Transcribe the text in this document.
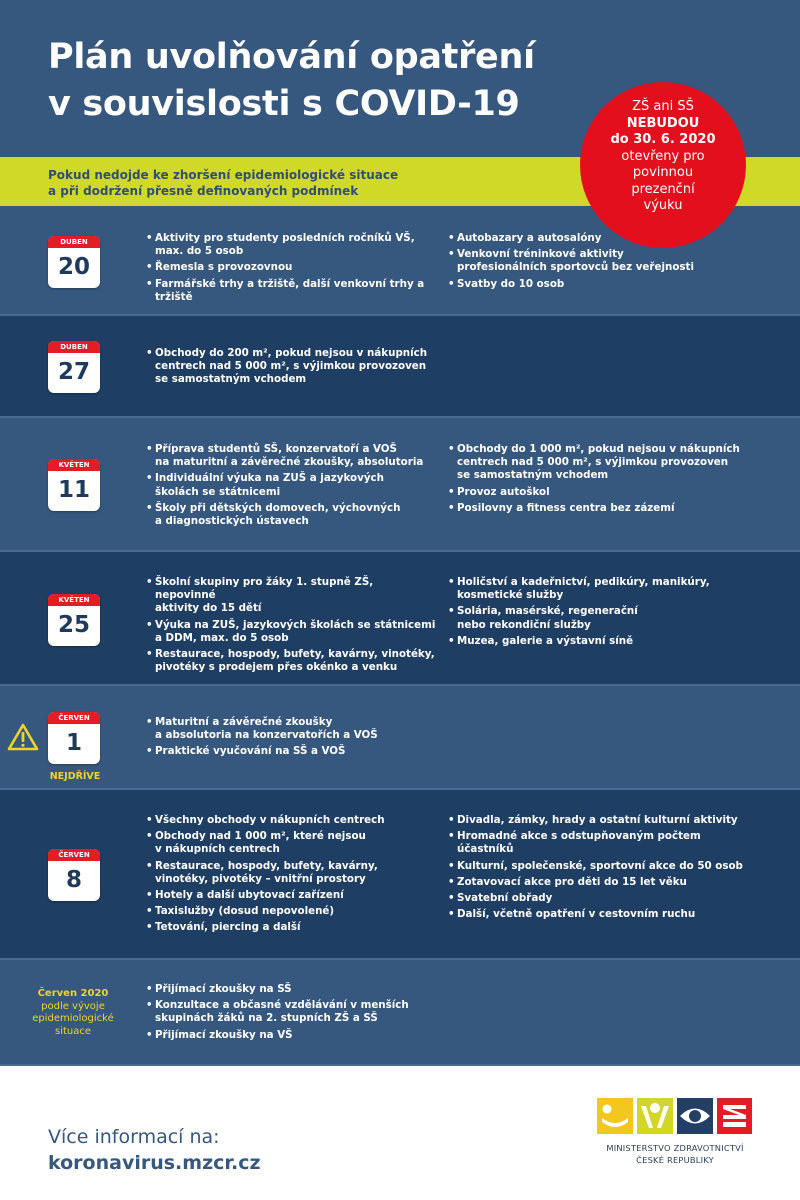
Plán uvolňování opatření
v souvislosti s COVID-19
Pokud nedojde ke zhoršení epidemiologické situace
a při dodržení přesně definovaných podmínek
ZŠ ani SŠ
NEBUDOU
do 30. 6. 2020
otevřeny pro
povinnou
prezenční
výuku
DUBEN
20
• Aktivity pro studenty posledních ročníků VŠ,
max. do 5 osob
• Řemesla s provozovnou
• Farmářské trhy a tržiště, další venkovní trhy a tržiště
• Autobazary a autosalóny
• Venkovní tréninkové aktivity
profesionálních sportovců bez veřejnosti
• Svatby do 10 osob
DUBEN
27
• Obchody do 200 m², pokud nejsou v nákupních
centrech nad 5 000 m², s výjimkou provozoven
se samostatným vchodem
KVĚTEN
11
• Příprava studentů SŠ, konzervatoří a VOŠ
na maturitní a závěrečné zkoušky, absolutoria
• Individuální výuka na ZUŠ a jazykových
školách se státnicemi
• Školy při dětských domovech, výchovných
a diagnostických ústavech
• Obchody do 1 000 m², pokud nejsou v nákupních
centrech nad 5 000 m², s výjimkou provozoven
se samostatným vchodem
• Provoz autoškol
• Posilovny a fitness centra bez zázemí
KVĚTEN
25
• Školní skupiny pro žáky 1. stupně ZŠ, nepovinné
aktivity do 15 dětí
• Výuka na ZUŠ, jazykových školách se státnicemi
a DDM, max. do 5 osob
• Restaurace, hospody, bufety, kavárny, vinotéky,
pivotéky s prodejem přes okénko a venku
• Holičství a kadeřnictví, pedikúry, manikúry,
kosmetické služby
• Solária, masérské, regenerační
nebo rekondiční služby
• Muzea, galerie a výstavní síně
ČERVEN
1
NEJDŘÍVE
• Maturitní a závěrečné zkoušky
a absolutoria na konzervatořích a VOŠ
• Praktické vyučování na SŠ a VOŠ
ČERVEN
8
• Všechny obchody v nákupních centrech
• Obchody nad 1 000 m², které nejsou
v nákupních centrech
• Restaurace, hospody, bufety, kavárny,
vinotéky, pivotéky – vnitřní prostory
• Hotely a další ubytovací zařízení
• Taxislužby (dosud nepovolené)
• Tetování, piercing a další
• Divadla, zámky, hrady a ostatní kulturní aktivity
• Hromadné akce s odstupňovaným počtem
účastníků
• Kulturní, společenské, sportovní akce do 50 osob
• Zotavovací akce pro děti do 15 let věku
• Svatební obřady
• Další, včetně opatření v cestovním ruchu
Červen 2020
podle vývoje
epidemiologické
situace
• Přijímací zkoušky na SŠ
• Konzultace a občasné vzdělávání v menších
skupinách žáků na 2. stupních ZŠ a SŠ
• Přijímací zkoušky na VŠ
Více informací na:
koronavirus.mzcr.cz
MINISTERSTVO ZDRAVOTNICTVÍ
ČESKÉ REPUBLIKY
